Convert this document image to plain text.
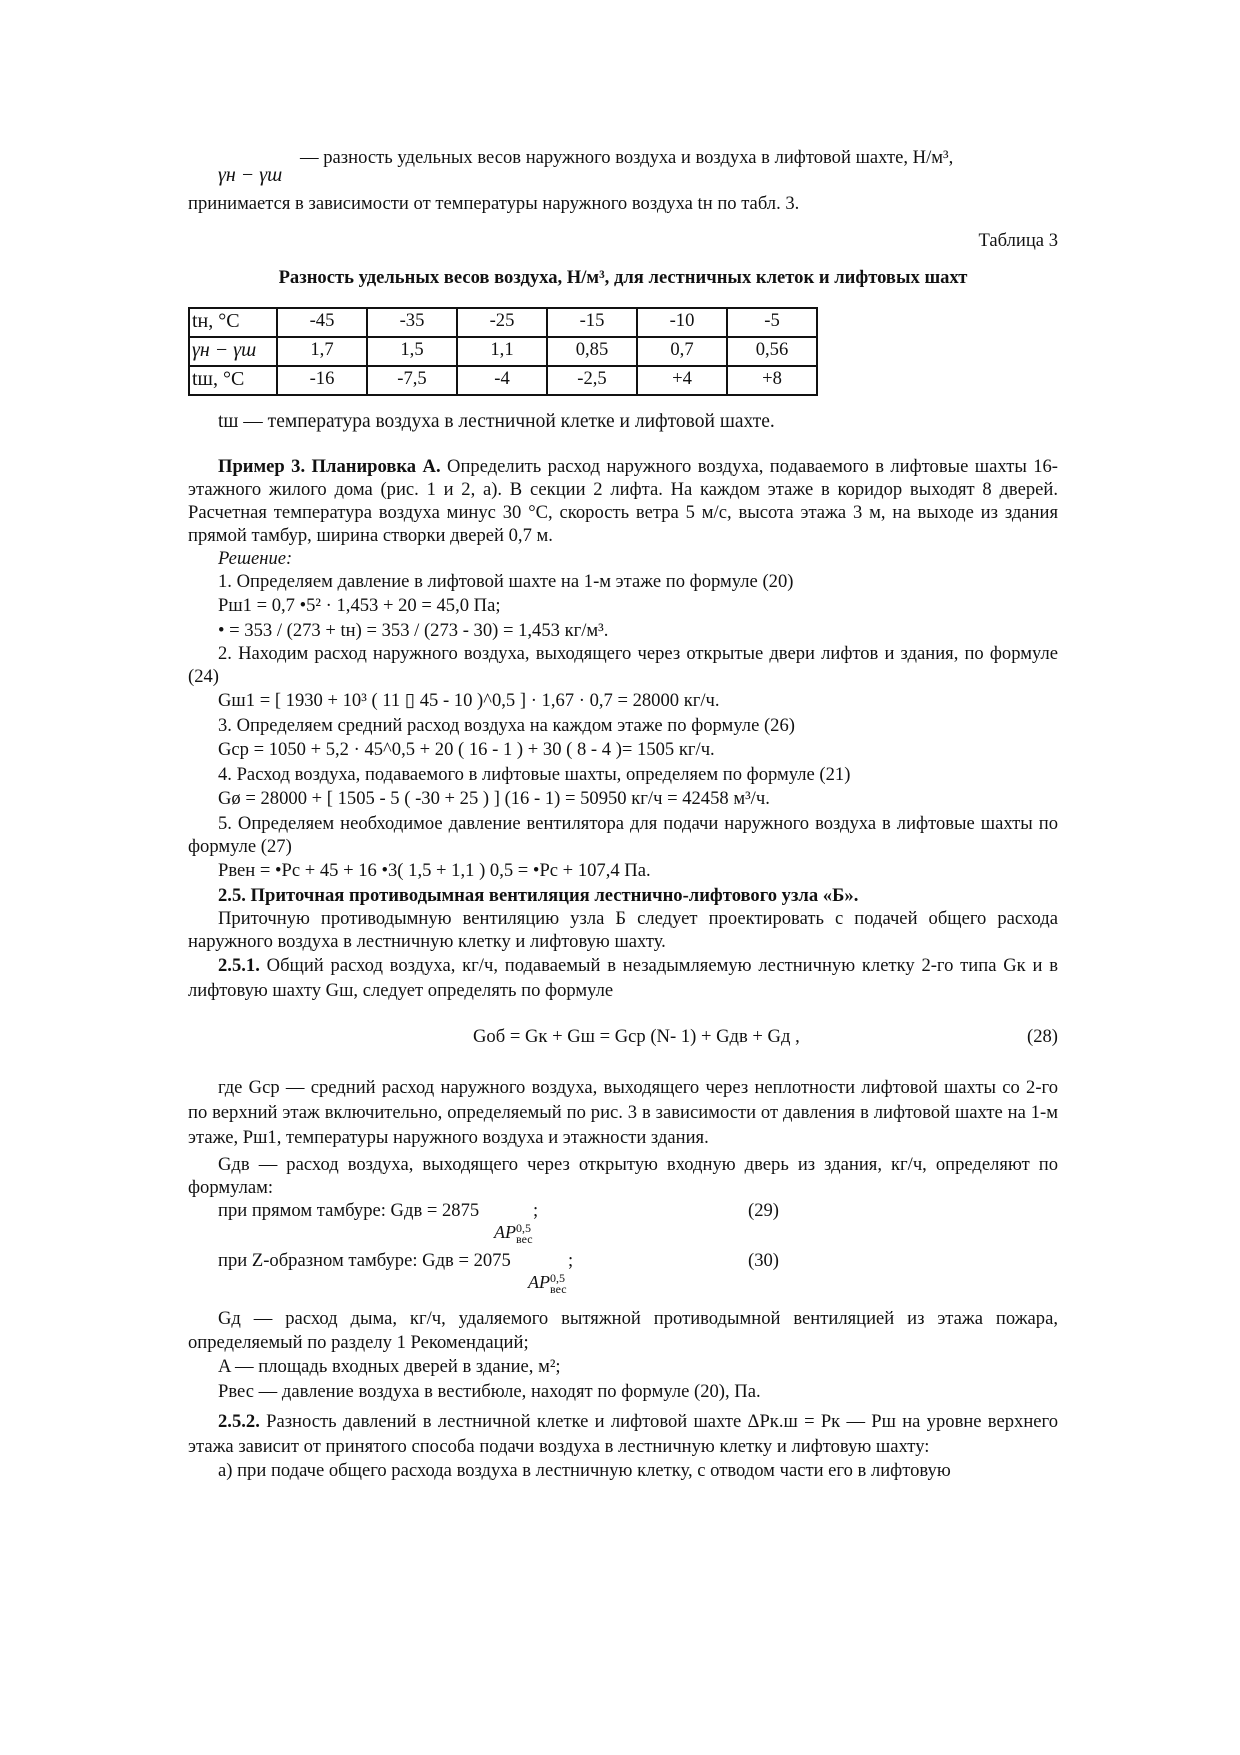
γн − γш
— разность удельных весов наружного воздуха и воздуха в лифтовой шахте, Н/м³,

принимается в зависимости от температуры наружного воздуха tн по табл. 3.

Таблица 3

Разность удельных весов воздуха, Н/м³, для лестничных клеток и лифтовых шахт

tн, °C	-45	-35	-25	-15	-10	-5
γн − γш	1,7	1,5	1,1	0,85	0,7	0,56
tш, °C	-16	-7,5	-4	-2,5	+4	+8

tш — температура воздуха в лестничной клетке и лифтовой шахте.

Пример 3. Планировка А. Определить расход наружного воздуха, подаваемого в лифтовые шахты 16-этажного жилого дома (рис. 1 и 2, а). В секции 2 лифта. На каждом этаже в коридор выходят 8 дверей. Расчетная температура воздуха минус 30 °С, скорость ветра 5 м/с, высота этажа 3 м, на выходе из здания прямой тамбур, ширина створки дверей 0,7 м.

Решение:

1. Определяем давление в лифтовой шахте на 1-м этаже по формуле (20)

Pш1 = 0,7 •5² · 1,453 + 20 = 45,0 Па;

• = 353 / (273 + tн) = 353 / (273 - 30) = 1,453 кг/м³.

2. Находим расход наружного воздуха, выходящего через открытые двери лифтов и здания, по формуле (24)

Gш1 = [ 1930 + 10³ ( 11 ▯ 45 - 10 )^0,5 ] · 1,67 · 0,7 = 28000 кг/ч.

3. Определяем средний расход воздуха на каждом этаже по формуле (26)

Gср = 1050 + 5,2 · 45^0,5 + 20 ( 16 - 1 ) + 30 ( 8 - 4 )= 1505 кг/ч.

4. Расход воздуха, подаваемого в лифтовые шахты, определяем по формуле (21)

Gø = 28000 + [ 1505 - 5 ( -30 + 25 ) ] (16 - 1) = 50950 кг/ч = 42458 м³/ч.

5. Определяем необходимое давление вентилятора для подачи наружного воздуха в лифтовые шахты по формуле (27)

Pвен = •Pс + 45 + 16 •3( 1,5 + 1,1 ) 0,5 = •Pс + 107,4 Па.

2.5. Приточная противодымная вентиляция лестнично-лифтового узла «Б».

Приточную противодымную вентиляцию узла Б следует проектировать с подачей общего расхода наружного воздуха в лестничную клетку и лифтовую шахту.

2.5.1. Общий расход воздуха, кг/ч, подаваемый в незадымляемую лестничную клетку 2-го типа Gк и в лифтовую шахту Gш, следует определять по формуле

Gоб = Gк + Gш = Gср (N- 1) + Gдв + Gд ,	(28)

где Gср — средний расход наружного воздуха, выходящего через неплотности лифтовой шахты со 2-го по верхний этаж включительно, определяемый по рис. 3 в зависимости от давления в лифтовой шахте на 1-м этаже, Pш1, температуры наружного воздуха и этажности здания.

Gдв — расход воздуха, выходящего через открытую входную дверь из здания, кг/ч, определяют по формулам:

при прямом тамбуре: Gдв = 2875	;
AP 0,5
вес
(29)
при Z-образном тамбуре: Gдв = 2075	;
AP 0,5
вес
(30)

Gд — расход дыма, кг/ч, удаляемого вытяжной противодымной вентиляцией из этажа пожара, определяемый по разделу 1 Рекомендаций;

A — площадь входных дверей в здание, м²;

Pвес — давление воздуха в вестибюле, находят по формуле (20), Па.

2.5.2. Разность давлений в лестничной клетке и лифтовой шахте ΔPк.ш = Pк — Pш на уровне верхнего этажа зависит от принятого способа подачи воздуха в лестничную клетку и лифтовую шахту:

а) при подаче общего расхода воздуха в лестничную клетку, с отводом части его в лифтовую
